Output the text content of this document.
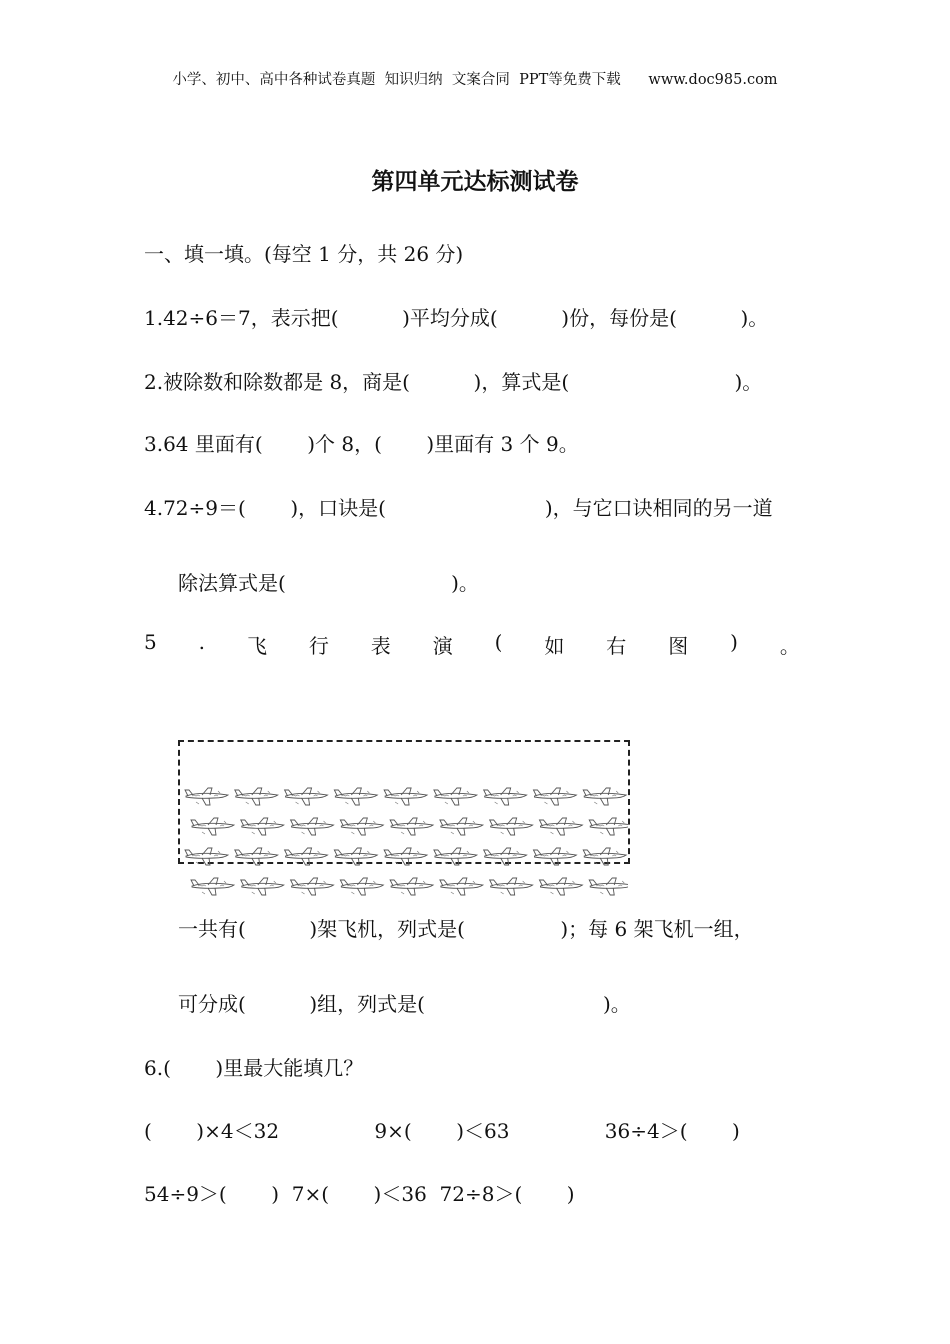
小学、初中、高中各种试卷真题  知识归纳  文案合同  PPT等免费下载      www.doc985.com
第四单元达标测试卷
一、填一填。(每空 1 分，共 26 分)
1.42÷6＝7，表示把(          )平均分成(          )份，每份是(          )。
2.被除数和除数都是 8，商是(          )，算式是(                          )。
3.64 里面有(       )个 8，(       )里面有 3 个 9。
4.72÷9＝(       )，口诀是(                         )，与它口诀相同的另一道
除法算式是(                          )。
5 . 飞 行 表 演 ( 如 右 图 ) 。

一共有(          )架飞机，列式是(               )；每 6 架飞机一组，
可分成(          )组，列式是(                            )。
6.(       )里最大能填几？
(       )×4＜32               9×(       )＜63               36÷4＞(       )
54÷9＞(       )  7×(       )＜36  72÷8＞(       )
